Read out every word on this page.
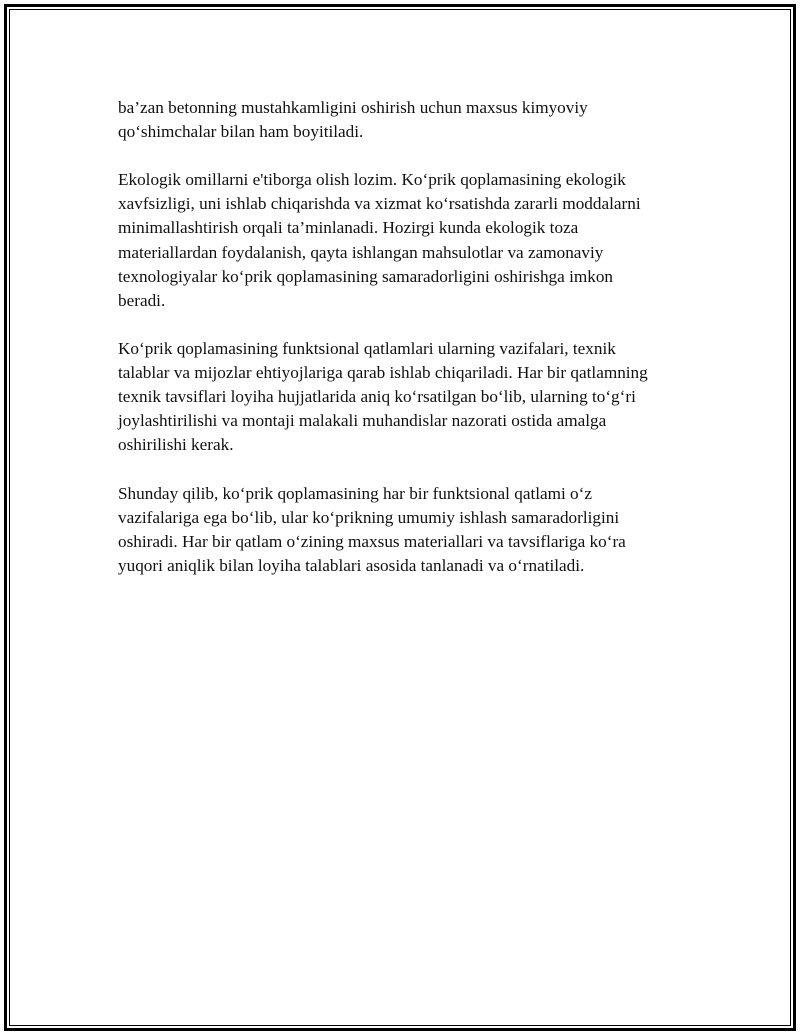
ba’zan betonning mustahkamligini oshirish uchun maxsus kimyoviy
qo‘shimchalar bilan ham boyitiladi.

Ekologik omillarni e'tiborga olish lozim. Ko‘prik qoplamasining ekologik
xavfsizligi, uni ishlab chiqarishda va xizmat ko‘rsatishda zararli moddalarni
minimallashtirish orqali ta’minlanadi. Hozirgi kunda ekologik toza
materiallardan foydalanish, qayta ishlangan mahsulotlar va zamonaviy
texnologiyalar ko‘prik qoplamasining samaradorligini oshirishga imkon
beradi.

Ko‘prik qoplamasining funktsional qatlamlari ularning vazifalari, texnik
talablar va mijozlar ehtiyojlariga qarab ishlab chiqariladi. Har bir qatlamning
texnik tavsiflari loyiha hujjatlarida aniq ko‘rsatilgan bo‘lib, ularning to‘g‘ri
joylashtirilishi va montaji malakali muhandislar nazorati ostida amalga
oshirilishi kerak.

Shunday qilib, ko‘prik qoplamasining har bir funktsional qatlami o‘z
vazifalariga ega bo‘lib, ular ko‘prikning umumiy ishlash samaradorligini
oshiradi. Har bir qatlam o‘zining maxsus materiallari va tavsiflariga ko‘ra
yuqori aniqlik bilan loyiha talablari asosida tanlanadi va o‘rnatiladi.
